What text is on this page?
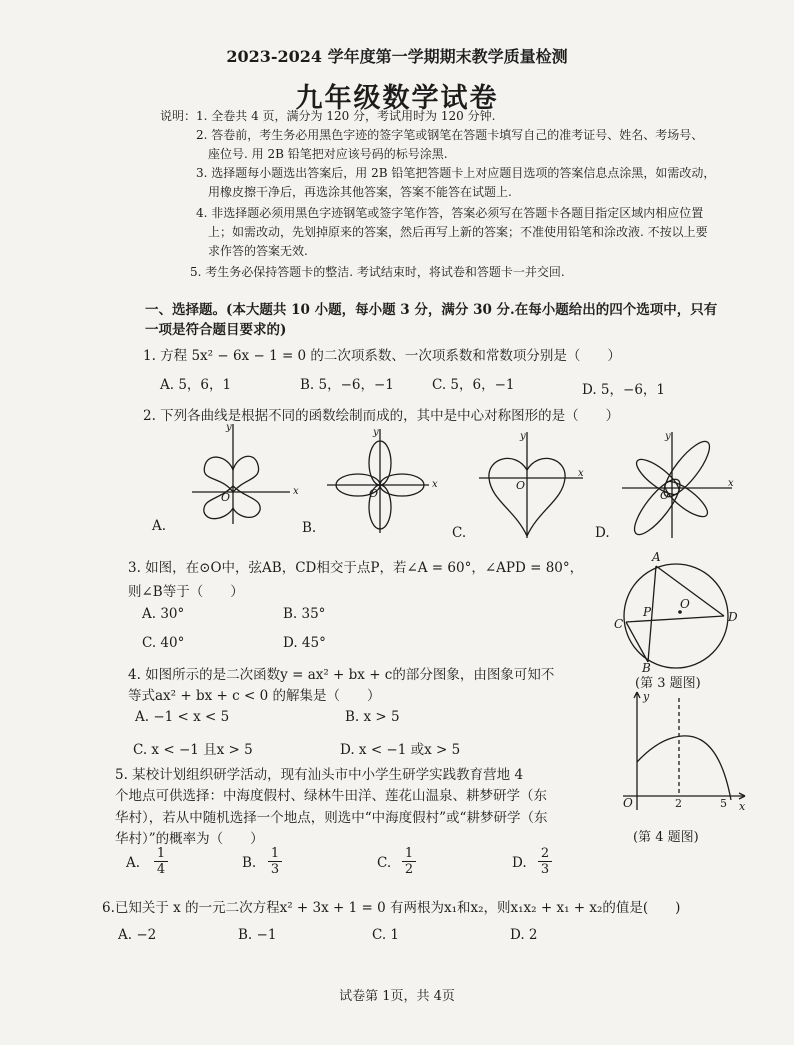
2023-2024 学年度第一学期期末教学质量检测
九年级数学试卷
说明：1. 全卷共 4 页，满分为 120 分，考试用时为 120 分钟.
2. 答卷前，考生务必用黑色字迹的签字笔或钢笔在答题卡填写自己的准考证号、姓名、考场号、
座位号. 用 2B 铅笔把对应该号码的标号涂黑.
3. 选择题每小题选出答案后，用 2B 铅笔把答题卡上对应题目选项的答案信息点涂黑，如需改动，
用橡皮擦干净后，再选涂其他答案，答案不能答在试题上.
4. 非选择题必须用黑色字迹钢笔或签字笔作答，答案必须写在答题卡各题目指定区域内相应位置
上；如需改动，先划掉原来的答案，然后再写上新的答案；不准使用铅笔和涂改液. 不按以上要
求作答的答案无效.
5. 考生务必保持答题卡的整洁. 考试结束时，将试卷和答题卡一并交回.
一、选择题。(本大题共 10 小题，每小题 3 分，满分 30 分.在每小题给出的四个选项中，只有
一项是符合题目要求的)
1. 方程 5x² − 6x − 1 = 0 的二次项系数、一次项系数和常数项分别是（　　）
A. 5，6，1	B. 5，−6，−1	C. 5，6，−1	D. 5，−6，1
2. 下列各曲线是根据不同的函数绘制而成的，其中是中心对称图形的是（　　）
x
y
O
A.
x
y
O
B.
x
y
O
C.
x
y
O
D.
3. 如图，在⊙O中，弦AB，CD相交于点P，若∠A = 60°，∠APD = 80°，
则∠B等于（　　）
A. 30°	B. 35°
C. 40°	D. 45°
A
B
C	D
P
O
(第 3 题图)
4. 如图所示的是二次函数y = ax² + bx + c的部分图象，由图象可知不
等式ax² + bx + c < 0 的解集是（　　）
A. −1 < x < 5	B. x > 5
C. x < −1 且x > 5	D. x < −1 或x > 5
y
x
O	2	5
(第 4 题图)
5. 某校计划组织研学活动，现有汕头市中小学生研学实践教育营地 4
个地点可供选择：中海度假村、绿林牛田洋、莲花山温泉、耕梦研学（东
华村），若从中随机选择一个地点，则选中“中海度假村”或“耕梦研学（东
华村）”的概率为（　　）
A. $\frac{1}{4}$	B. $\frac{1}{3}$	C. $\frac{1}{2}$	D. $\frac{2}{3}$
6.已知关于 x 的一元二次方程x² + 3x + 1 = 0 有两根为x₁和x₂，则x₁x₂ + x₁ + x₂的值是(　　)
A. −2	B. −1	C. 1	D. 2
试卷第 1页，共 4页
